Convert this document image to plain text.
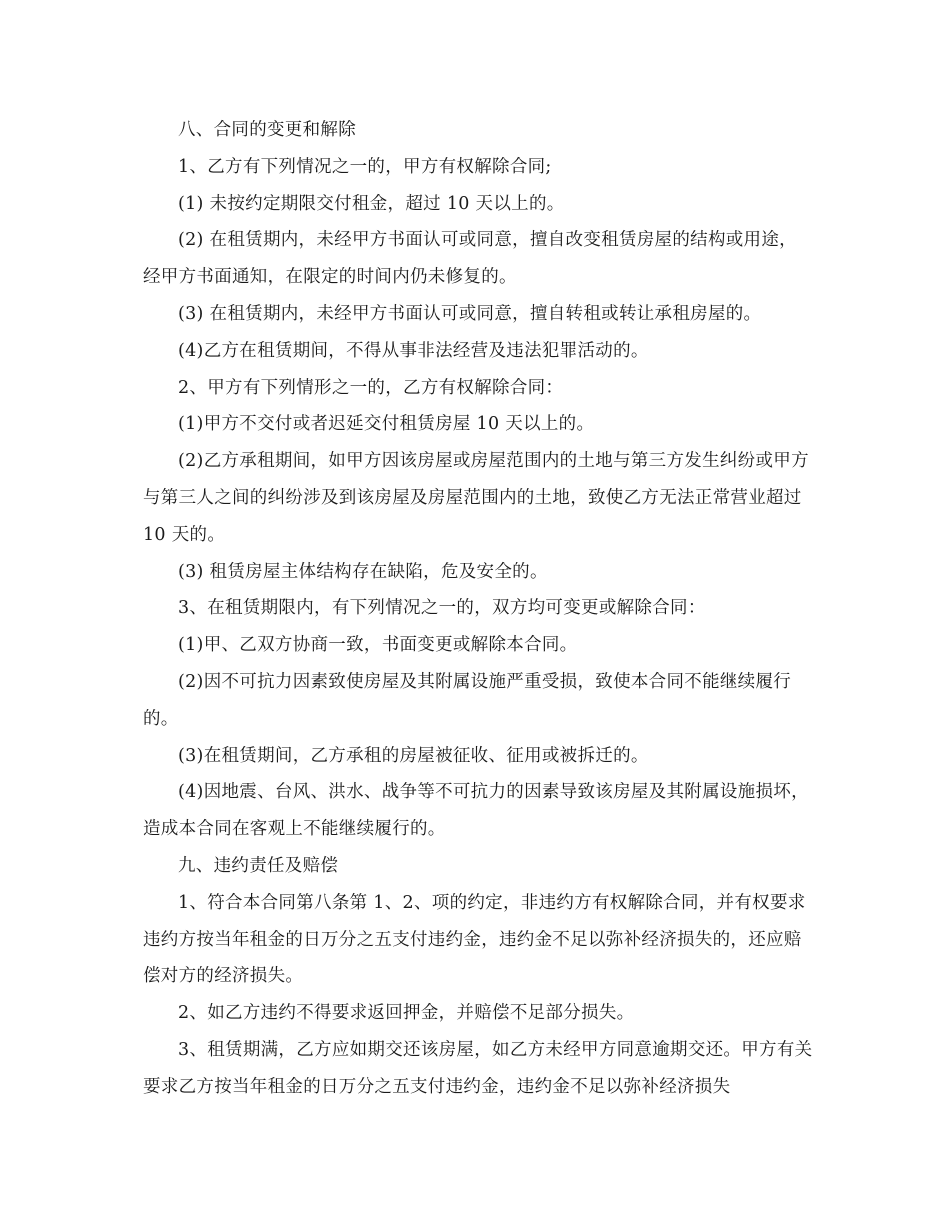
八、合同的变更和解除

1、乙方有下列情况之一的，甲方有权解除合同;

(1) 未按约定期限交付租金，超过 10 天以上的。

(2) 在租赁期内，未经甲方书面认可或同意，擅自改变租赁房屋的结构或用途，经甲方书面通知，在限定的时间内仍未修复的。

(3) 在租赁期内，未经甲方书面认可或同意，擅自转租或转让承租房屋的。

(4)乙方在租赁期间，不得从事非法经营及违法犯罪活动的。

2、甲方有下列情形之一的，乙方有权解除合同：

(1)甲方不交付或者迟延交付租赁房屋 10 天以上的。

(2)乙方承租期间，如甲方因该房屋或房屋范围内的土地与第三方发生纠纷或甲方与第三人之间的纠纷涉及到该房屋及房屋范围内的土地，致使乙方无法正常营业超过 10 天的。

(3) 租赁房屋主体结构存在缺陷，危及安全的。

3、在租赁期限内，有下列情况之一的，双方均可变更或解除合同：

(1)甲、乙双方协商一致，书面变更或解除本合同。

(2)因不可抗力因素致使房屋及其附属设施严重受损，致使本合同不能继续履行的。

(3)在租赁期间，乙方承租的房屋被征收、征用或被拆迁的。

(4)因地震、台风、洪水、战争等不可抗力的因素导致该房屋及其附属设施损坏，造成本合同在客观上不能继续履行的。

九、违约责任及赔偿

1、符合本合同第八条第 1、2、项的约定，非违约方有权解除合同，并有权要求违约方按当年租金的日万分之五支付违约金，违约金不足以弥补经济损失的，还应赔偿对方的经济损失。

2、如乙方违约不得要求返回押金，并赔偿不足部分损失。

3、租赁期满，乙方应如期交还该房屋，如乙方未经甲方同意逾期交还。甲方有关要求乙方按当年租金的日万分之五支付违约金，违约金不足以弥补经济损失
